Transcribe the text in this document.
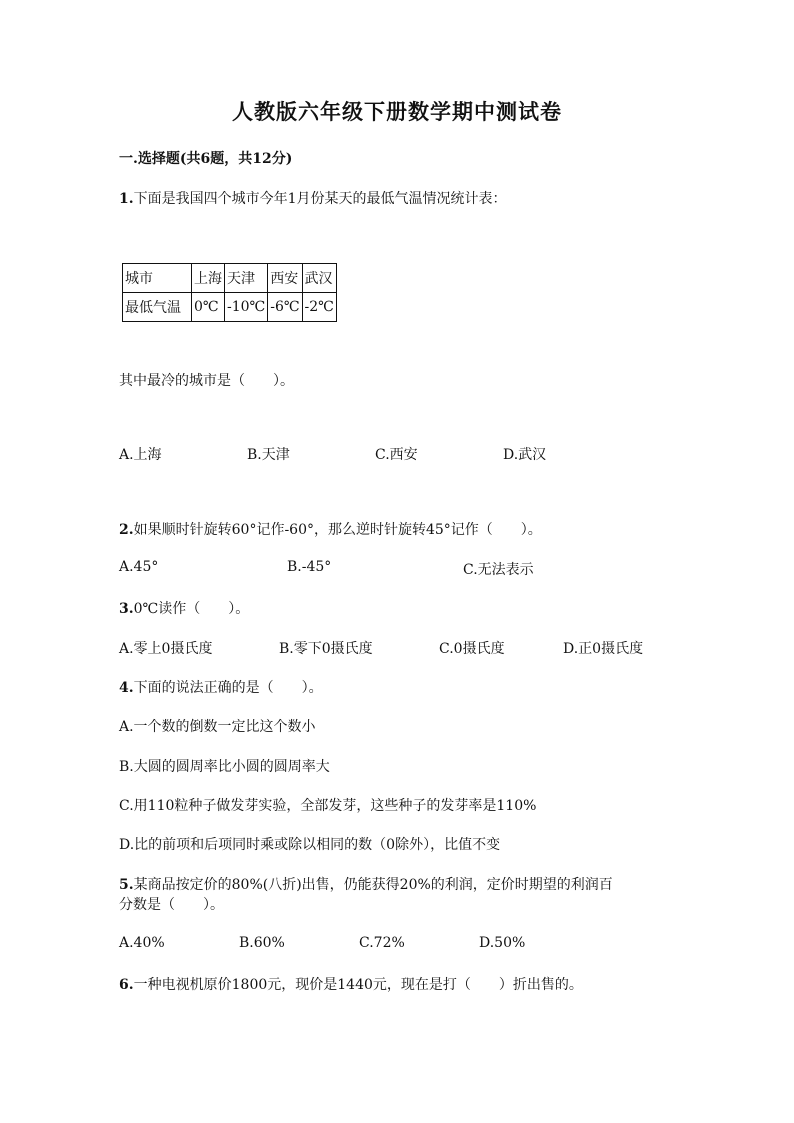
人教版六年级下册数学期中测试卷
一.选择题(共6题，共12分)
1.下面是我国四个城市今年1月份某天的最低气温情况统计表：
城市	上海	天津	西安	武汉
最低气温	0℃	-10℃	-6℃	-2℃
其中最冷的城市是（　　）。
A.上海	B.天津	C.西安	D.武汉
2.如果顺时针旋转60°记作-60°，那么逆时针旋转45°记作（　　）。
A.45°	B.-45°	C.无法表示
3.0℃读作（　　）。
A.零上0摄氏度	B.零下0摄氏度	C.0摄氏度	D.正0摄氏度
4.下面的说法正确的是（　　）。
A.一个数的倒数一定比这个数小
B.大圆的圆周率比小圆的圆周率大
C.用110粒种子做发芽实验，全部发芽，这些种子的发芽率是110%
D.比的前项和后项同时乘或除以相同的数（0除外），比值不变
5.某商品按定价的80%(八折)出售，仍能获得20%的利润，定价时期望的利润百
分数是（　　）。
A.40%	B.60%	C.72%	D.50%
6.一种电视机原价1800元，现价是1440元，现在是打（　　）折出售的。
